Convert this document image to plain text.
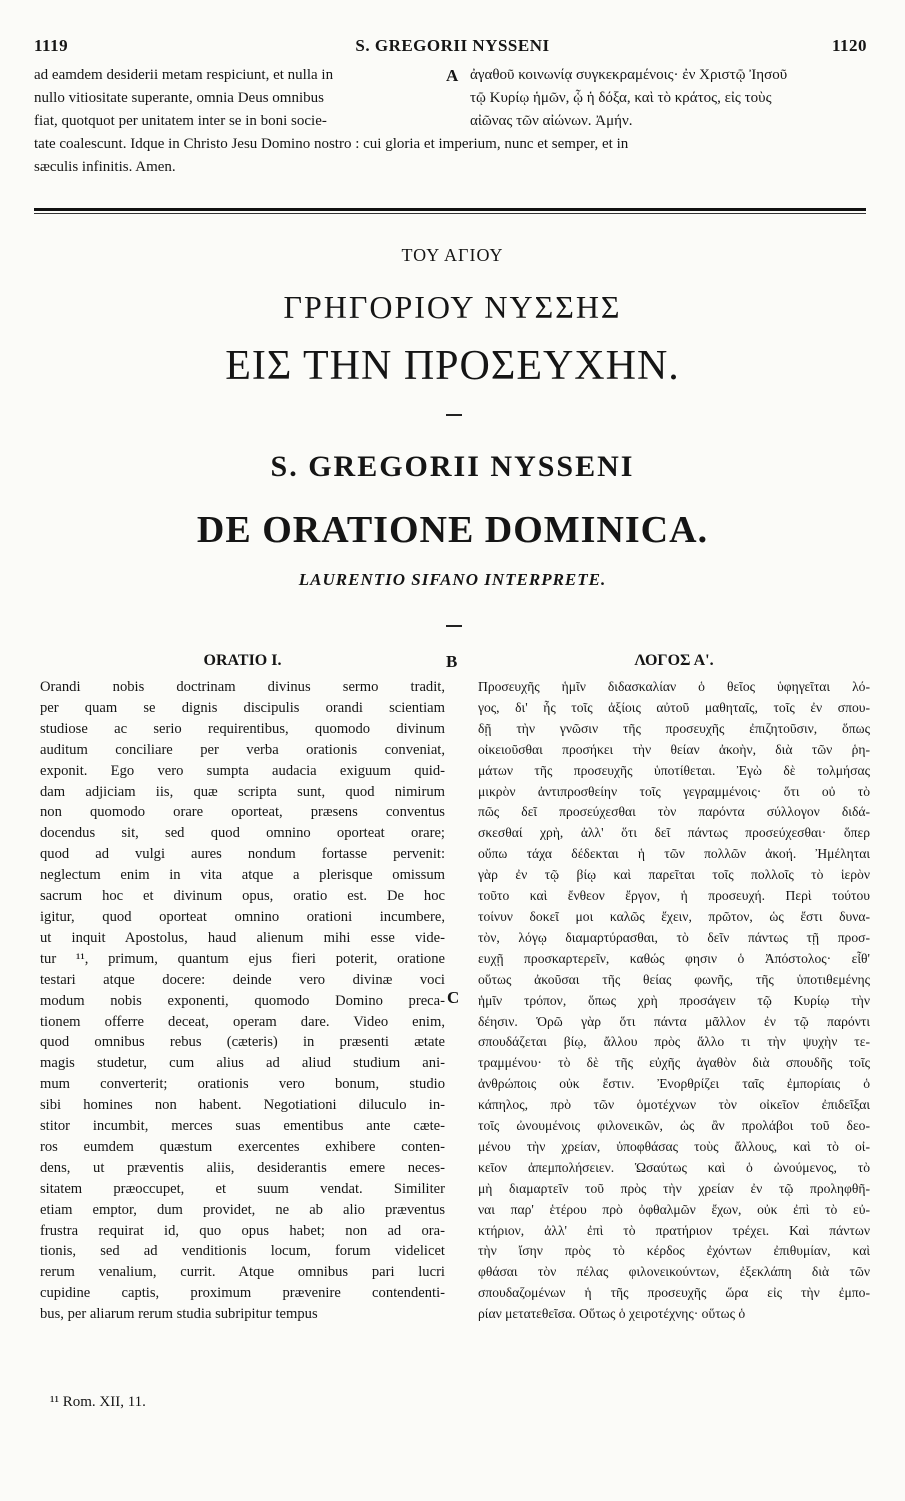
1119	S. GREGORII NYSSENI	1120
ad eamdem desiderii metam respiciunt, et nulla in
nullo vitiositate superante, omnia Deus omnibus
fiat, quotquot per unitatem inter se in boni socie-
A ἀγαθοῦ κοινωνίᾳ συγκεκραμένοις· ἐν Χριστῷ Ἰησοῦ
τῷ Κυρίῳ ἡμῶν, ᾧ ἡ δόξα, καὶ τὸ κράτος, εἰς τοὺς
αἰῶνας τῶν αἰώνων. Ἀμήν.
tate coalescunt. Idque in Christo Jesu Domino nostro : cui gloria et imperium, nunc et semper, et in
sæculis infinitis. Amen.
ΤΟΥ ΑΓΙΟΥ
ΓΡΗΓΟΡΙΟΥ ΝΥΣΣΗΣ
ΕΙΣ ΤΗΝ ΠΡΟΣΕΥΧΗΝ.
S. GREGORII NYSSENI
DE ORATIONE DOMINICA.
LAURENTIO SIFANO INTERPRETE.
ORATIO I.	B	ΛΟΓΟΣ Α'.
Orandi nobis doctrinam divinus sermo tradit,
per quam se dignis discipulis orandi scientiam
studiose ac serio requirentibus, quomodo divinum
auditum conciliare per verba orationis conveniat,
exponit. Ego vero sumpta audacia exiguum quid-
dam adjiciam iis, quæ scripta sunt, quod nimirum
non quomodo orare oporteat, præsens conventus
docendus sit, sed quod omnino oporteat orare;
quod ad vulgi aures nondum fortasse pervenit:
neglectum enim in vita atque a plerisque omissum
sacrum hoc et divinum opus, oratio est. De hoc
igitur, quod oporteat omnino orationi incumbere,
ut inquit Apostolus, haud alienum mihi esse vide-
tur ¹¹, primum, quantum ejus fieri poterit, oratione
testari atque docere: deinde vero divinæ voci
modum nobis exponenti, quomodo Domino preca-
tionem offerre deceat, operam dare. Video enim,
quod omnibus rebus (cæteris) in præsenti ætate
magis studetur, cum alius ad aliud studium ani-
mum converterit; orationis vero bonum, studio
sibi homines non habent. Negotiationi diluculo in-
stitor incumbit, merces suas ementibus ante cæte-
ros eumdem quæstum exercentes exhibere conten-
dens, ut præventis aliis, desiderantis emere neces-
sitatem præoccupet, et suum vendat. Similiter
etiam emptor, dum providet, ne ab alio præventus
frustra requirat id, quo opus habet; non ad ora-
tionis, sed ad venditionis locum, forum videlicet
rerum venalium, currit. Atque omnibus pari lucri
cupidine captis, proximum prævenire contendenti-
bus, per aliarum rerum studia subripitur tempus
C
Προσευχῆς ἡμῖν διδασκαλίαν ὁ θεῖος ὑφηγεῖται λό-
γος, δι' ἧς τοῖς ἀξίοις αὐτοῦ μαθηταῖς, τοῖς ἐν σπου-
δῇ τὴν γνῶσιν τῆς προσευχῆς ἐπιζητοῦσιν, ὅπως
οἰκειοῦσθαι προσήκει τὴν θείαν ἀκοὴν, διὰ τῶν ῥη-
μάτων τῆς προσευχῆς ὑποτίθεται. Ἐγὼ δὲ τολμήσας
μικρὸν ἀντιπροσθείην τοῖς γεγραμμένοις· ὅτι οὐ τὸ
πῶς δεῖ προσεύχεσθαι τὸν παρόντα σύλλογον διδά-
σκεσθαί χρὴ, ἀλλ' ὅτι δεῖ πάντως προσεύχεσθαι· ὅπερ
οὔπω τάχα δέδεκται ἡ τῶν πολλῶν ἀκοή. Ἠμέληται
γὰρ ἐν τῷ βίῳ καὶ παρεῖται τοῖς πολλοῖς τὸ ἱερὸν
τοῦτο καὶ ἔνθεον ἔργον, ἡ προσευχή. Περὶ τούτου
τοίνυν δοκεῖ μοι καλῶς ἔχειν, πρῶτον, ὡς ἔστι δυνα-
τὸν, λόγῳ διαμαρτύρασθαι, τὸ δεῖν πάντως τῇ προσ-
ευχῇ προσκαρτερεῖν, καθώς φησιν ὁ Ἀπόστολος· εἶθ'
οὕτως ἀκοῦσαι τῆς θείας φωνῆς, τῆς ὑποτιθεμένης
ἡμῖν τρόπον, ὅπως χρὴ προσάγειν τῷ Κυρίῳ τὴν
δέησιν. Ὁρῶ γὰρ ὅτι πάντα μᾶλλον ἐν τῷ παρόντι
σπουδάζεται βίῳ, ἄλλου πρὸς ἄλλο τι τὴν ψυχὴν τε-
τραμμένου· τὸ δὲ τῆς εὐχῆς ἀγαθὸν διὰ σπουδῆς τοῖς
ἀνθρώποις οὐκ ἔστιν. Ἐνορθρίζει ταῖς ἐμπορίαις ὁ
κάπηλος, πρὸ τῶν ὁμοτέχνων τὸν οἰκεῖον ἐπιδεῖξαι
τοῖς ὠνουμένοις φιλονεικῶν, ὡς ἂν προλάβοι τοῦ δεο-
μένου τὴν χρείαν, ὑποφθάσας τοὺς ἄλλους, καὶ τὸ οἰ-
κεῖον ἀπεμπολήσειεν. Ὡσαύτως καὶ ὁ ὠνούμενος, τὸ
μὴ διαμαρτεῖν τοῦ πρὸς τὴν χρείαν ἐν τῷ προληφθῆ-
ναι παρ' ἑτέρου πρὸ ὀφθαλμῶν ἔχων, οὐκ ἐπὶ τὸ εὐ-
κτήριον, ἀλλ' ἐπὶ τὸ πρατήριον τρέχει. Καὶ πάντων
τὴν ἴσην πρὸς τὸ κέρδος ἐχόντων ἐπιθυμίαν, καὶ
φθάσαι τὸν πέλας φιλονεικούντων, ἐξεκλάπη διὰ τῶν
σπουδαζομένων ἡ τῆς προσευχῆς ὥρα εἰς τὴν ἐμπο-
ρίαν μετατεθεῖσα. Οὕτως ὁ χειροτέχνης· οὕτως ὁ
¹¹ Rom. XII, 11.
